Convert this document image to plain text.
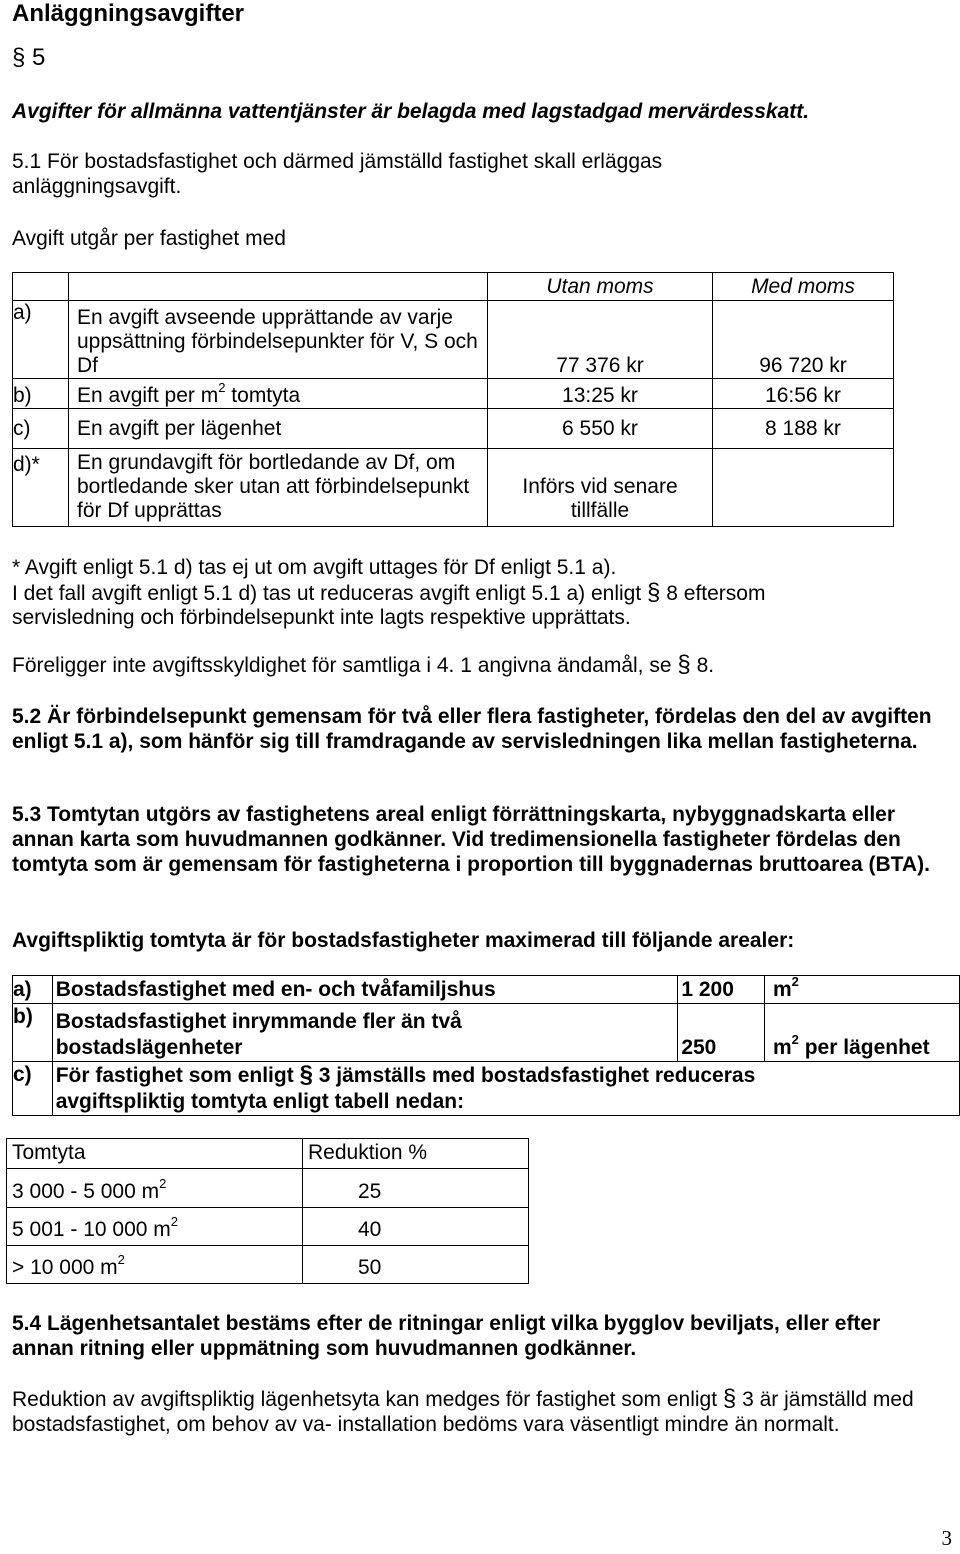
Anläggningsavgifter
§ 5
Avgifter för allmänna vattentjänster är belagda med lagstadgad mervärdesskatt.
5.1 För bostadsfastighet och därmed jämställd fastighet skall erläggas
anläggningsavgift.
Avgift utgår per fastighet med
		Utan moms	Med moms
a)	En avgift avseende upprättande av varje uppsättning förbindelsepunkter för V, S och Df	77 376 kr	96 720 kr
b)	En avgift per $m^2$ tomtyta	13:25 kr	16:56 kr
c)	En avgift per lägenhet	6 550 kr	8 188 kr
d)*	En grundavgift för bortledande av Df, om bortledande sker utan att förbindelsepunkt för Df upprättas	Införs vid senare tillfälle	
* Avgift enligt 5.1 d) tas ej ut om avgift uttages för Df enligt 5.1 a).
I det fall avgift enligt 5.1 d) tas ut reduceras avgift enligt 5.1 a) enligt § 8 eftersom
servisledning och förbindelsepunkt inte lagts respektive upprättats.
Föreligger inte avgiftsskyldighet för samtliga i 4. 1 angivna ändamål, se § 8.

5.2 Är förbindelsepunkt gemensam för två eller flera fastigheter, fördelas den del av avgiften enligt 5.1 a), som hänför sig till framdragande av servisledningen lika mellan fastigheterna.

5.3 Tomtytan utgörs av fastighetens areal enligt förrättningskarta, nybyggnadskarta eller annan karta som huvudmannen godkänner. Vid tredimensionella fastigheter fördelas den tomtyta som är gemensam för fastigheterna i proportion till byggnadernas bruttoarea (BTA).

Avgiftspliktig tomtyta är för bostadsfastigheter maximerad till följande arealer:
a)	Bostadsfastighet med en- och tvåfamiljshus	1 200	$m^2$
b)	Bostadsfastighet inrymmande fler än två bostadslägenheter	250	$m^2$ per lägenhet
c)	För fastighet som enligt § 3 jämställs med bostadsfastighet reduceras avgiftspliktig tomtyta enligt tabell nedan:		
Tomtyta	Reduktion %
3 000 - 5 000 $m^2$	25
5 001 - 10 000 $m^2$	40
> 10 000 $m^2$	50

5.4 Lägenhetsantalet bestäms efter de ritningar enligt vilka bygglov beviljats, eller efter annan ritning eller uppmätning som huvudmannen godkänner.

Reduktion av avgiftspliktig lägenhetsyta kan medges för fastighet som enligt § 3 är jämställd med bostadsfastighet, om behov av va- installation bedöms vara väsentligt mindre än normalt.

3
